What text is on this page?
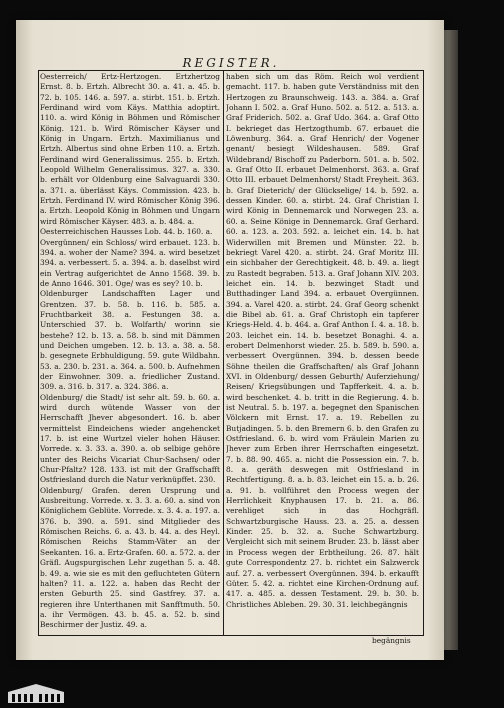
REGISTER.

Oesterreich/ Ertz-Hertzogen. Ertzhertzog Ernst. 8. b. Ertzh. Albrecht 30. a. 41. a. 45. b. 72. b. 105. 146. a. 597. a. stirbt. 151. b. Ertzh. Ferdinand wird vom Käys. Matthia adoptirt. 110. a. wird König in Böhmen und Römischer König. 121. b. Wird Römischer Käyser und König in Ungarn. Ertzh. Maximilianus und Ertzh. Albertus sind ohne Erben 110. a. Ertzh. Ferdinand wird Generalissimus. 255. b. Ertzh. Leopold Wilhelm Generalissimus. 327. a. 330. b. erhält vor Oldenburg eine Salvaguardi 330. a. 371. a. überlässt Käys. Commission. 423. b. Ertzh. Ferdinand IV. wird Römischer König 396. a. Ertzh. Leopold König in Böhmen und Ungarn wird Römischer Käyser. 483. a. b. 484. a.

Oesterreichischen Hausses Lob. 44. b. 160. a.

Overgünnen/ ein Schloss/ wird erbauet. 123. b. 394. a. woher der Name? 394. a. wird besetzet 394. a. verbessert. 5. a. 394. a. b. daselbst wird ein Vertrag aufgerichtet de Anno 1568. 39. b. de Anno 1646. 301. Oge/ was es sey? 10. b.

Oldenburger Landschafften Lager und Grentzen. 37. b. 58. b. 116. b. 585. a. Fruchtbarkeit 38. a. Festungen 38. a. Unterschied 37. b. Wolfarth/ worinn sie bestehe? 12. b. 13. a. 58. b. sind mit Dämmen und Deichen umgeben. 12. b. 13. a. 38. a. 58. b. gesegnete Erbhuldigung. 59. gute Wildbahn. 53. a. 230. b. 231. a. 364. a. 500. b. Aufnehmen der Einwohner. 309. a. friedlicher Zustand. 309. a. 316. b. 317. a. 324. 386. a.

Oldenburg/ die Stadt/ ist sehr alt. 59. b. 60. a. wird durch wütende Wasser von der Herrschafft Jhever abgesondert. 16. b. aber vermittelst Eindeichens wieder angehencket 17. b. ist eine Wurtzel vieler hohen Häuser. Vorrede. x. 3. 33. a. 390. a. ob selbige gehöre unter des Reichs Vicariat Chur-Sachsen/ oder Chur-Pfaltz? 128. 133. ist mit der Graffschafft Ostfriesland durch die Natur verknüpffet. 230.

Oldenburg/ Grafen. deren Ursprung und Ausbreitung. Vorrede. x. 3. 3. a. 60. a. sind von Königlichem Geblüte. Vorrede. x. 3. 4. a. 197. a. 376. b. 390. a. 591. sind Mitglieder des Römischen Reichs. 6. a. 43. b. 44. a. des Heyl. Römischen Reichs Stamm-Väter an der Seekanten. 16. a. Ertz-Grafen. 60. a. 572. a. der Gräfl. Augspurgischen Lehr zugethan 5. a. 48. b. 49. a. wie sie es mit den gefluchteten Gütern halten? 11. a. 122. a. haben das Recht der ersten Geburth 25. sind Gastfrey. 37. a. regieren ihre Unterthanen mit Sanfftmuth. 50. a. ihr Vermögen. 43. b. 45. a. 52. b. sind Beschirmer der Justiz. 49. a.

haben sich um das Röm. Reich wol verdient gemacht. 117. b. haben gute Verständniss mit den Hertzogen zu Braunschweig. 143. a. 384. a. Graf Johann I. 502. a. Graf Huno. 502. a. 512. a. 513. a. Graf Friderich. 502. a. Graf Udo. 364. a. Graf Otto I. bekrieget das Hertzogthumb. 67. erbauet die Löwenburg. 364. a. Graf Henrich/ der Vogener genant/ besiegt Wildeshausen. 589. Graf Wildebrand/ Bischoff zu Paderborn. 501. a. b. 502. a. Graf Otto II. erbauet Delmenhorst. 363. a. Graf Otto III. erbauet Delmenhorst/ Stadt Freyheit. 363. b. Graf Dieterich/ der Glückselige/ 14. b. 592. a. dessen Kinder. 60. a. stirbt. 24. Graf Christian I. wird König in Dennemarck und Norwegen 23. a. 60. a. Seine Könige in Dennemarck. Graf Gerhard. 60. a. 123. a. 203. 592. a. leichet ein. 14. b. hat Widerwillen mit Bremen und Münster. 22. b. bekriegt Varel 420. a. stirbt. 24. Graf Moritz III. ein sichbaher der Gerechtigkeit. 48. b. 49. a. liegt zu Rastedt begraben. 513. a. Graf Johann XIV. 203. leichet ein. 14. b. bezwinget Stadt und Butthadinger Land 394. a. erbauet Overgünnen. 394. a. Varel 420. a. stirbt. 24. Graf Georg schenkt die Bibel ab. 61. a. Graf Christoph ein tapferer Kriegs-Held. 4. b. 464. a. Graf Anthon I. 4. a. 18. b. 203. leichet ein. 14. b. besetzet Bonaghi. 4. a. erobert Delmenhorst wieder. 25. b. 589. b. 590. a. verbessert Overgünnen. 394. b. dessen beede Söhne theilen die Graffschaften/ als Graf Johann XVI. in Oldenburg/ dessen Geburth/ Auferziehung/ Reisen/ Kriegsübungen und Tapfferkeit. 4. a. b. wird beschenket. 4. b. tritt in die Regierung. 4. b. ist Neutral. 5. b. 197. a. begegnet den Spanischen Völckern mit Ernst. 17. a. 19. Rebellen zu Butjadingen. 5. b. den Bremern 6. b. den Grafen zu Ostfriesland. 6. b. wird vom Fräulein Marien zu Jhever zum Erben ihrer Herrschaften eingesetzt. 7. b. 88. 90. 465. a. nicht die Possession ein. 7. b. 8. a. geräth deswegen mit Ostfriesland in Rechtfertigung. 8. a. b. 83. leichet ein 15. a. b. 26. a. 91. b. vollführet den Process wegen der Herrlichkeit Knyphausen 17. b. 21. a. 86. verehliget sich in das Hochgräfl. Schwartzburgische Hauss. 23. a. 25. a. dessen Kinder. 25. b. 32. a. Suche Schwartzburg. Vergleicht sich mit seinem Bruder. 23. b. lässt aber in Process wegen der Erbtheilung. 26. 87. hält gute Correspondentz 27. b. richtet ein Salzwerck auf. 27. a. verbessert Overgünnen. 394. b. erkaufft Güter. 5. 42. a. richtet eine Kirchen-Ordnung auf. 417. a. 485. a. dessen Testament. 29. b. 30. b. Christliches Ableben. 29. 30. 31. leichbegängnis

begängnis
